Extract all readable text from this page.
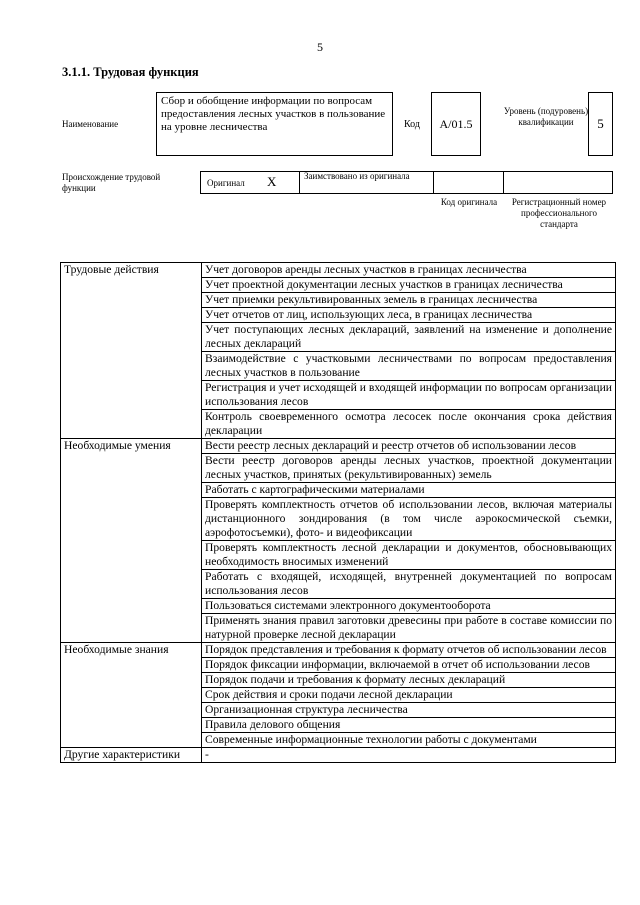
5
3.1.1. Трудовая функция
Наименование
Сбор и обобщение информации по вопросам предоставления лесных участков в пользование на уровне лесничества	Код	А/01.5
Уровень (подуровень) квалификации	5
Происхождение трудовой функции	Оригинал X	Заимствовано из оригинала
Код оригинала	Регистрационный номер профессионального стандарта
Трудовые действия	Учет договоров аренды лесных участков в границах лесничества
	Учет проектной документации лесных участков в границах лесничества
	Учет приемки рекультивированных земель в границах лесничества
	Учет отчетов от лиц, использующих леса, в границах лесничества
	Учет поступающих лесных деклараций, заявлений на изменение и дополнение лесных деклараций
	Взаимодействие с участковыми лесничествами по вопросам предоставления лесных участков в пользование
	Регистрация и учет исходящей и входящей информации по вопросам организации использования лесов
	Контроль своевременного осмотра лесосек после окончания срока действия декларации
Необходимые умения	Вести реестр лесных деклараций и реестр отчетов об использовании лесов
	Вести реестр договоров аренды лесных участков, проектной документации лесных участков, принятых (рекультивированных) земель
	Работать с картографическими материалами
	Проверять комплектность отчетов об использовании лесов, включая материалы дистанционного зондирования (в том числе аэрокосмической съемки, аэрофотосъемки), фото- и видеофиксации
	Проверять комплектность лесной декларации и документов, обосновывающих необходимость вносимых изменений
	Работать с входящей, исходящей, внутренней документацией по вопросам использования лесов
	Пользоваться системами электронного документооборота
	Применять знания правил заготовки древесины при работе в составе комиссии по натурной проверке лесной декларации
Необходимые знания	Порядок представления и требования к формату отчетов об использовании лесов
	Порядок фиксации информации, включаемой в отчет об использовании лесов
	Порядок подачи и требования к формату лесных деклараций
	Срок действия и сроки подачи лесной декларации
	Организационная структура лесничества
	Правила делового общения
	Современные информационные технологии работы с документами
Другие характеристики	-
